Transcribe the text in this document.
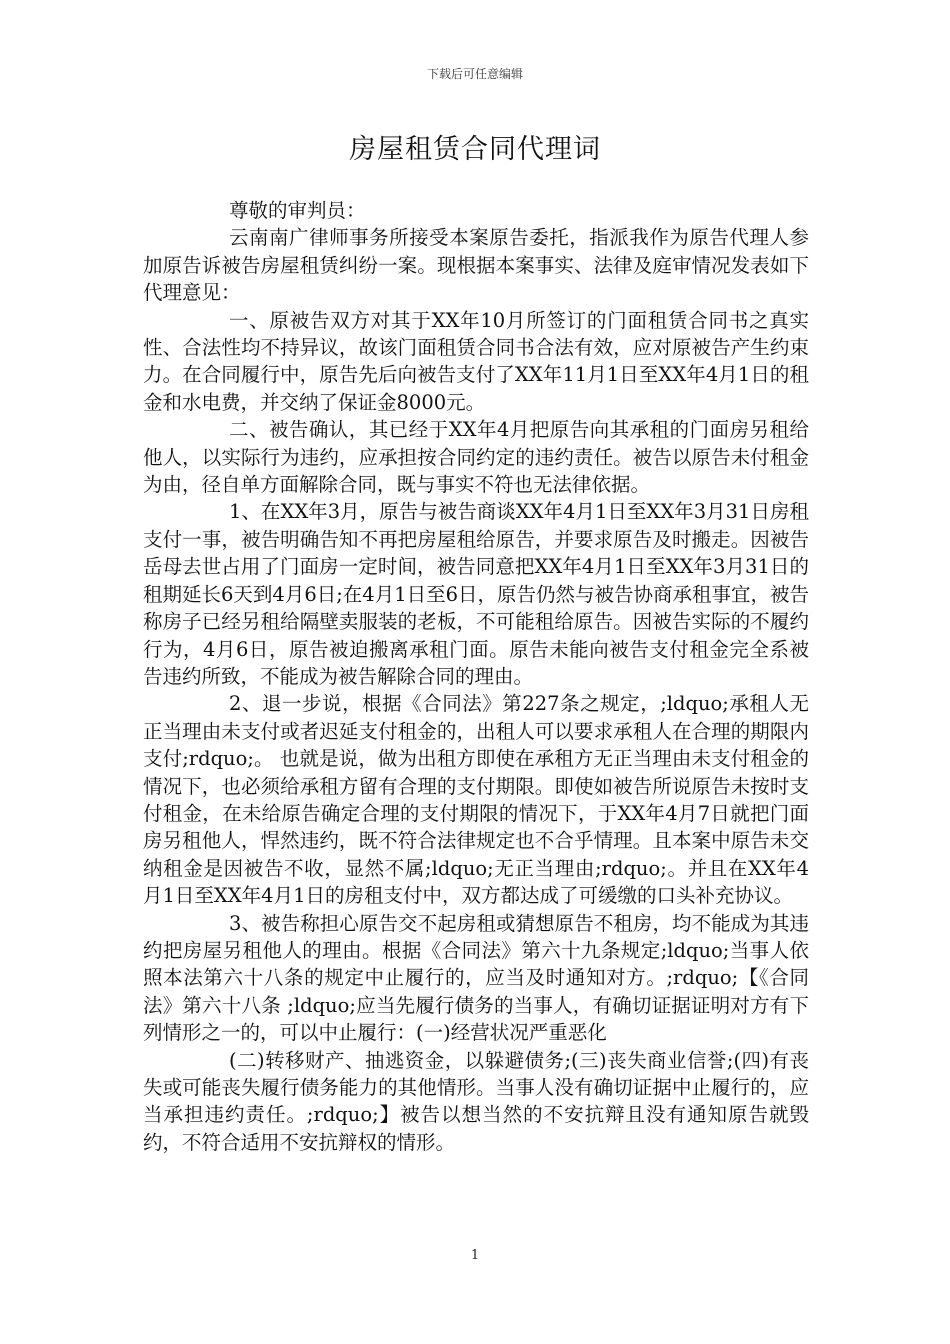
下载后可任意编辑
房屋租赁合同代理词

尊敬的审判员：

云南南广律师事务所接受本案原告委托，指派我作为原告代理人参加原告诉被告房屋租赁纠纷一案。现根据本案事实、法律及庭审情况发表如下代理意见：

一、原被告双方对其于XX年10月所签订的门面租赁合同书之真实性、合法性均不持异议，故该门面租赁合同书合法有效，应对原被告产生约束力。在合同履行中，原告先后向被告支付了XX年11月1日至XX年4月1日的租金和水电费，并交纳了保证金8000元。

二、被告确认，其已经于XX年4月把原告向其承租的门面房另租给他人，以实际行为违约，应承担按合同约定的违约责任。被告以原告未付租金为由，径自单方面解除合同，既与事实不符也无法律依据。

1、在XX年3月，原告与被告商谈XX年4月1日至XX年3月31日房租支付一事，被告明确告知不再把房屋租给原告，并要求原告及时搬走。因被告岳母去世占用了门面房一定时间，被告同意把XX年4月1日至XX年3月31日的租期延长6天到4月6日;在4月1日至6日，原告仍然与被告协商承租事宜，被告称房子已经另租给隔壁卖服装的老板，不可能租给原告。因被告实际的不履约行为，4月6日，原告被迫搬离承租门面。原告未能向被告支付租金完全系被告违约所致，不能成为被告解除合同的理由。

2、退一步说，根据《合同法》第227条之规定，;ldquo;承租人无正当理由未支付或者迟延支付租金的，出租人可以要求承租人在合理的期限内支付;rdquo;。 也就是说，做为出租方即使在承租方无正当理由未支付租金的情况下，也必须给承租方留有合理的支付期限。即使如被告所说原告未按时支付租金，在未给原告确定合理的支付期限的情况下，于XX年4月7日就把门面房另租他人，悍然违约，既不符合法律规定也不合乎情理。且本案中原告未交纳租金是因被告不收，显然不属;ldquo;无正当理由;rdquo;。并且在XX年4月1日至XX年4月1日的房租支付中，双方都达成了可缓缴的口头补充协议。

3、被告称担心原告交不起房租或猜想原告不租房，均不能成为其违约把房屋另租他人的理由。根据《合同法》第六十九条规定;ldquo;当事人依照本法第六十八条的规定中止履行的，应当及时通知对方。;rdquo;【《合同法》第六十八条 ;ldquo;应当先履行债务的当事人，有确切证据证明对方有下列情形之一的，可以中止履行：(一)经营状况严重恶化

(二)转移财产、抽逃资金，以躲避债务;(三)丧失商业信誉;(四)有丧失或可能丧失履行债务能力的其他情形。当事人没有确切证据中止履行的，应当承担违约责任。;rdquo;】被告以想当然的不安抗辩且没有通知原告就毁约，不符合适用不安抗辩权的情形。

1
